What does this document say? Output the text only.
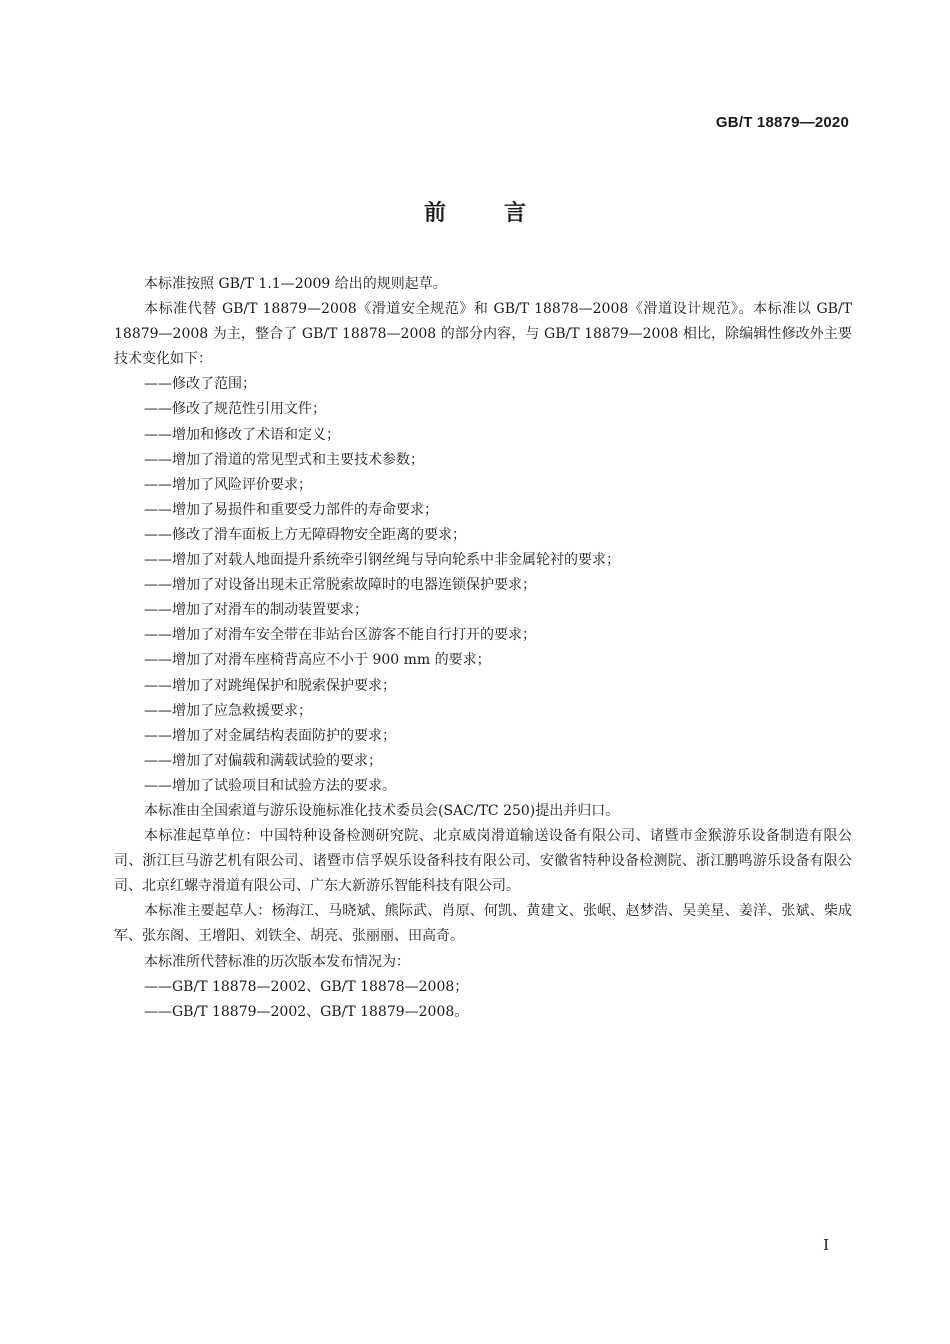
GB/T 18879—2020
前言

本标准按照 GB/T 1.1—2009 给出的规则起草。

本标准代替 GB/T 18879—2008《滑道安全规范》和 GB/T 18878—2008《滑道设计规范》。本标准以 GB/T 18879—2008 为主，整合了 GB/T 18878—2008 的部分内容，与 GB/T 18879—2008 相比，除编辑性修改外主要技术变化如下：

——修改了范围；

——修改了规范性引用文件；

——增加和修改了术语和定义；

——增加了滑道的常见型式和主要技术参数；

——增加了风险评价要求；

——增加了易损件和重要受力部件的寿命要求；

——修改了滑车面板上方无障碍物安全距离的要求；

——增加了对载人地面提升系统牵引钢丝绳与导向轮系中非金属轮衬的要求；

——增加了对设备出现未正常脱索故障时的电器连锁保护要求；

——增加了对滑车的制动装置要求；

——增加了对滑车安全带在非站台区游客不能自行打开的要求；

——增加了对滑车座椅背高应不小于 900 mm 的要求；

——增加了对跳绳保护和脱索保护要求；

——增加了应急救援要求；

——增加了对金属结构表面防护的要求；

——增加了对偏载和满载试验的要求；

——增加了试验项目和试验方法的要求。

本标准由全国索道与游乐设施标准化技术委员会(SAC/TC 250)提出并归口。

本标准起草单位：中国特种设备检测研究院、北京威岗滑道输送设备有限公司、诸暨市金猴游乐设备制造有限公司、浙江巨马游艺机有限公司、诸暨市信孚娱乐设备科技有限公司、安徽省特种设备检测院、浙江鹏鸣游乐设备有限公司、北京红螺寺滑道有限公司、广东大新游乐智能科技有限公司。

本标准主要起草人：杨海江、马晓斌、熊际武、肖原、何凯、黄建文、张岷、赵梦浩、吴美星、姜洋、张斌、柴成军、张东阁、王增阳、刘铁全、胡亮、张丽丽、田高奇。

本标准所代替标准的历次版本发布情况为：

——GB/T 18878—2002、GB/T 18878—2008；

——GB/T 18879—2002、GB/T 18879—2008。

I
